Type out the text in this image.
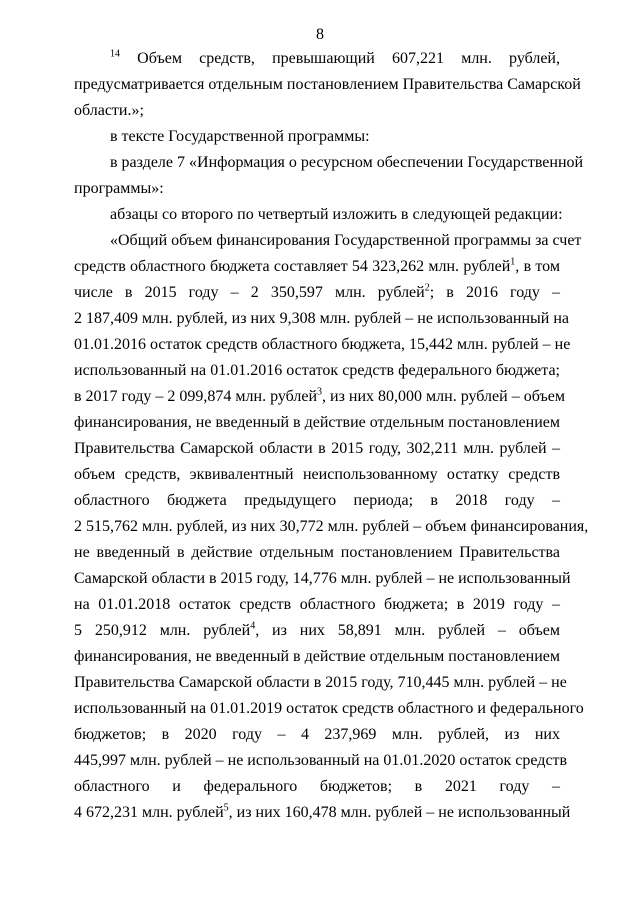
8
$^{14}$ Объем средств, превышающий 607,221 млн. рублей,
предусматривается отдельным постановлением Правительства Самарской
области.»;
в тексте Государственной программы:
в разделе 7 «Информация о ресурсном обеспечении Государственной
программы»:
абзацы со второго по четвертый изложить в следующей редакции:
«Общий объем финансирования Государственной программы за счет
средств областного бюджета составляет 54 323,262 млн. рублей$^1$, в том
числе в 2015 году – 2 350,597 млн. рублей$^2$; в 2016 году –
2 187,409 млн. рублей, из них 9,308 млн. рублей – не использованный на
01.01.2016 остаток средств областного бюджета, 15,442 млн. рублей – не
использованный на 01.01.2016 остаток средств федерального бюджета;
в 2017 году – 2 099,874 млн. рублей$^3$, из них 80,000 млн. рублей – объем
финансирования, не введенный в действие отдельным постановлением
Правительства Самарской области в 2015 году, 302,211 млн. рублей –
объем средств, эквивалентный неиспользованному остатку средств
областного бюджета предыдущего периода; в 2018 году –
2 515,762 млн. рублей, из них 30,772 млн. рублей – объем финансирования,
не введенный в действие отдельным постановлением Правительства
Самарской области в 2015 году, 14,776 млн. рублей – не использованный
на 01.01.2018 остаток средств областного бюджета; в 2019 году –
5 250,912 млн. рублей$^4$, из них 58,891 млн. рублей – объем
финансирования, не введенный в действие отдельным постановлением
Правительства Самарской области в 2015 году, 710,445 млн. рублей – не
использованный на 01.01.2019 остаток средств областного и федерального
бюджетов; в 2020 году – 4 237,969 млн. рублей, из них
445,997 млн. рублей – не использованный на 01.01.2020 остаток средств
областного и федерального бюджетов; в 2021 году –
4 672,231 млн. рублей$^5$, из них 160,478 млн. рублей – не использованный
